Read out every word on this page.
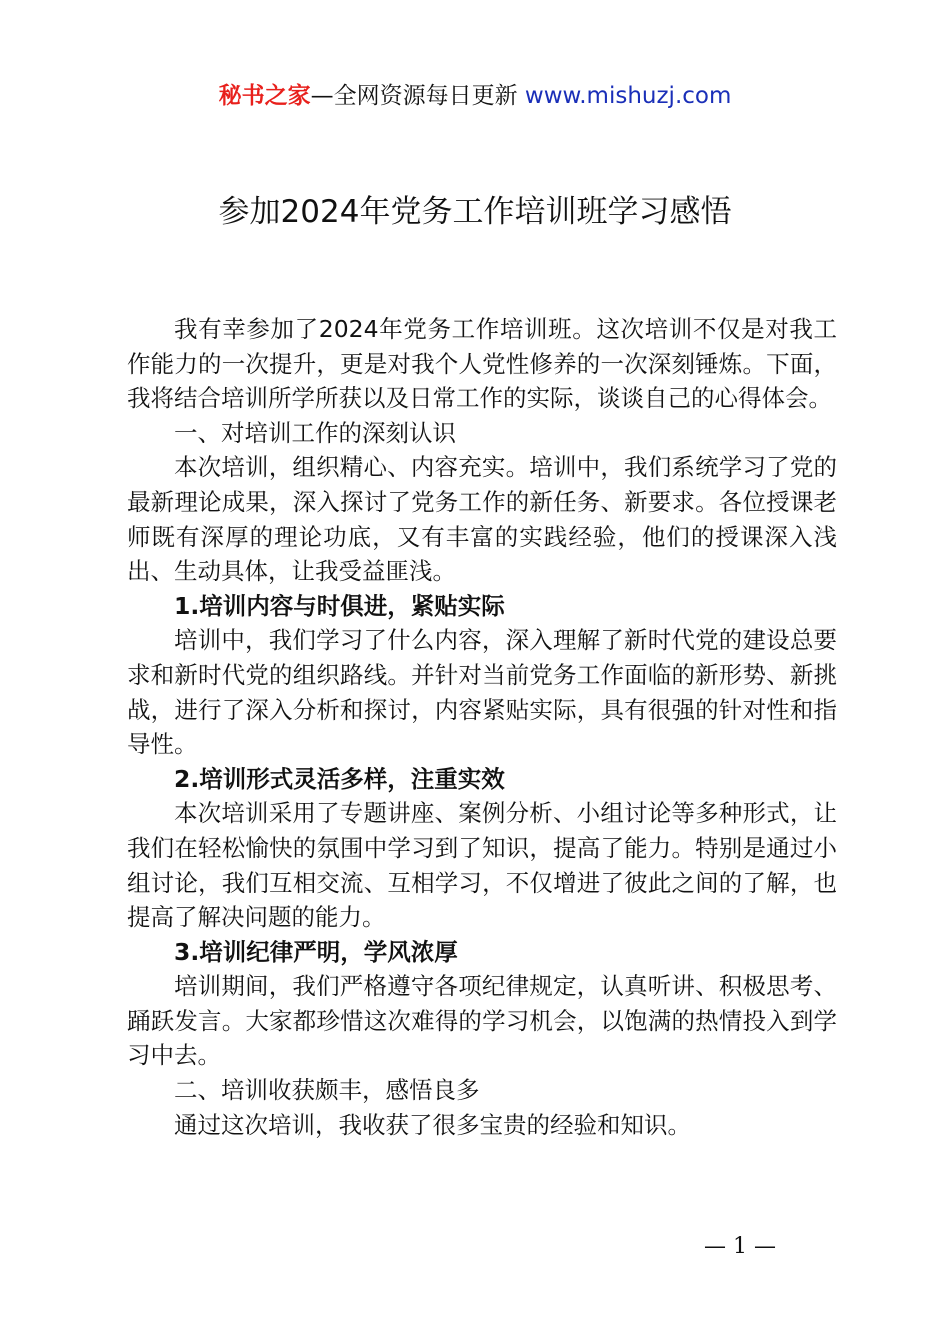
秘书之家—全网资源每日更新 www.mishuzj.com
参加2024年党务工作培训班学习感悟

我有幸参加了2024年党务工作培训班。这次培训不仅是对我工作能力的一次提升，更是对我个人党性修养的一次深刻锤炼。下面，我将结合培训所学所获以及日常工作的实际，谈谈自己的心得体会。

一、对培训工作的深刻认识

本次培训，组织精心、内容充实。培训中，我们系统学习了党的最新理论成果，深入探讨了党务工作的新任务、新要求。各位授课老师既有深厚的理论功底，又有丰富的实践经验，他们的授课深入浅出、生动具体，让我受益匪浅。

1.培训内容与时俱进，紧贴实际

培训中，我们学习了什么内容，深入理解了新时代党的建设总要求和新时代党的组织路线。并针对当前党务工作面临的新形势、新挑战，进行了深入分析和探讨，内容紧贴实际，具有很强的针对性和指导性。

2.培训形式灵活多样，注重实效

本次培训采用了专题讲座、案例分析、小组讨论等多种形式，让我们在轻松愉快的氛围中学习到了知识，提高了能力。特别是通过小组讨论，我们互相交流、互相学习，不仅增进了彼此之间的了解，也提高了解决问题的能力。

3.培训纪律严明，学风浓厚

培训期间，我们严格遵守各项纪律规定，认真听讲、积极思考、踊跃发言。大家都珍惜这次难得的学习机会，以饱满的热情投入到学习中去。

二、培训收获颇丰，感悟良多

通过这次培训，我收获了很多宝贵的经验和知识。

— 1 —
